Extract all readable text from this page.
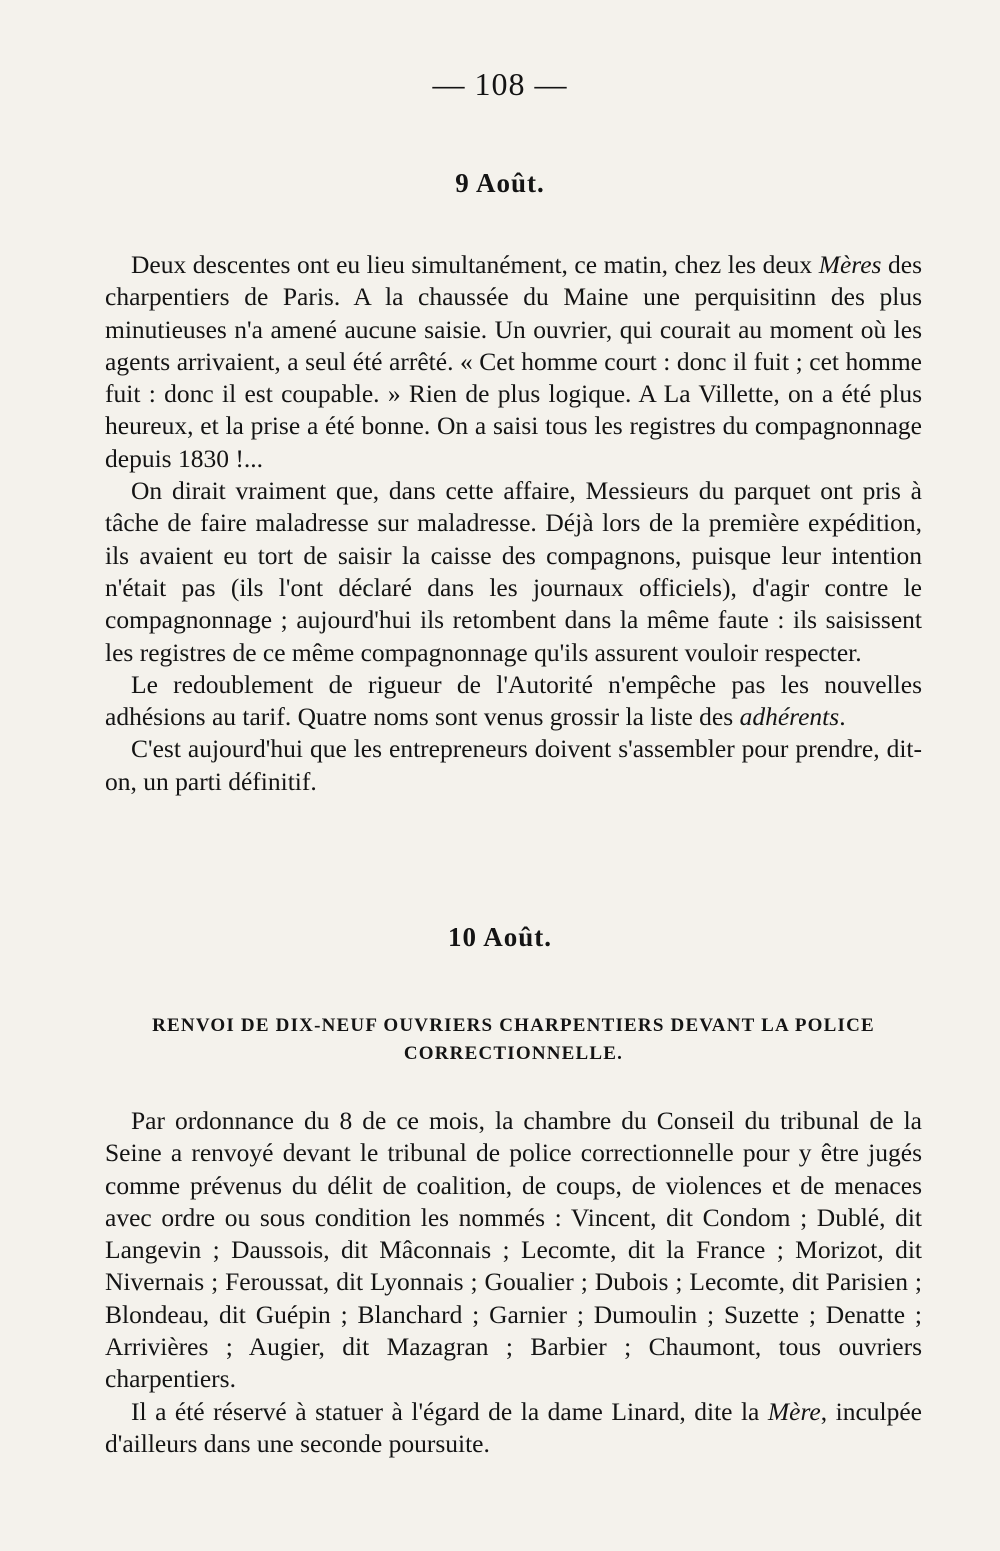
— 108 —

9 Août.

Deux descentes ont eu lieu simultanément, ce matin, chez les deux Mères des charpentiers de Paris. A la chaussée du Maine une perquisitinn des plus minutieuses n'a amené aucune saisie. Un ouvrier, qui courait au moment où les agents arrivaient, a seul été arrêté. « Cet homme court : donc il fuit ; cet homme fuit : donc il est coupable. » Rien de plus logique. A La Villette, on a été plus heureux, et la prise a été bonne. On a saisi tous les registres du compagnonnage depuis 1830 !...

On dirait vraiment que, dans cette affaire, Messieurs du parquet ont pris à tâche de faire maladresse sur maladresse. Déjà lors de la première expédition, ils avaient eu tort de saisir la caisse des compagnons, puisque leur intention n'était pas (ils l'ont déclaré dans les journaux officiels), d'agir contre le compagnonnage ; aujourd'hui ils retombent dans la même faute : ils saisissent les registres de ce même compagnonnage qu'ils assurent vouloir respecter.

Le redoublement de rigueur de l'Autorité n'empêche pas les nouvelles adhésions au tarif. Quatre noms sont venus grossir la liste des adhérents.

C'est aujourd'hui que les entrepreneurs doivent s'assembler pour prendre, dit-on, un parti définitif.

10 Août.
RENVOI DE DIX-NEUF OUVRIERS CHARPENTIERS DEVANT LA POLICE CORRECTIONNELLE.

Par ordonnance du 8 de ce mois, la chambre du Conseil du tribunal de la Seine a renvoyé devant le tribunal de police correctionnelle pour y être jugés comme prévenus du délit de coalition, de coups, de violences et de menaces avec ordre ou sous condition les nommés : Vincent, dit Condom ; Dublé, dit Langevin ; Daussois, dit Mâconnais ; Lecomte, dit la France ; Morizot, dit Nivernais ; Feroussat, dit Lyonnais ; Goualier ; Dubois ; Lecomte, dit Parisien ; Blondeau, dit Guépin ; Blanchard ; Garnier ; Dumoulin ; Suzette ; Denatte ; Arrivières ; Augier, dit Mazagran ; Barbier ; Chaumont, tous ouvriers charpentiers.

Il a été réservé à statuer à l'égard de la dame Linard, dite la Mère, inculpée d'ailleurs dans une seconde poursuite.
